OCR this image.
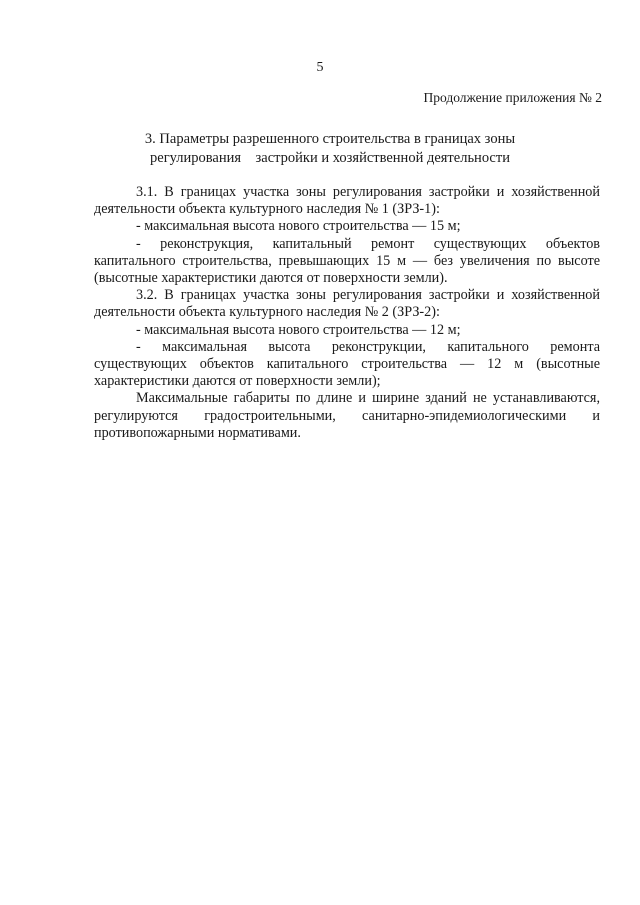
5
Продолжение приложения № 2
3. Параметры разрешенного строительства в границах зоны
регулирования    застройки и хозяйственной деятельности

3.1. В границах участка зоны регулирования застройки и хозяйственной деятельности объекта культурного наследия № 1 (ЗРЗ-1):

- максимальная высота нового строительства — 15 м;

- реконструкция, капитальный ремонт существующих объектов капитального строительства, превышающих 15 м — без увеличения по высоте (высотные характеристики даются от поверхности земли).

3.2. В границах участка зоны регулирования застройки и хозяйственной деятельности объекта культурного наследия № 2 (ЗРЗ-2):

- максимальная высота нового строительства — 12 м;

- максимальная высота реконструкции, капитального ремонта существующих объектов капитального строительства — 12 м (высотные характеристики даются от поверхности земли);

Максимальные габариты по длине и ширине зданий не устанавливаются, регулируются градостроительными, санитарно-эпидемиологическими и противопожарными нормативами.
